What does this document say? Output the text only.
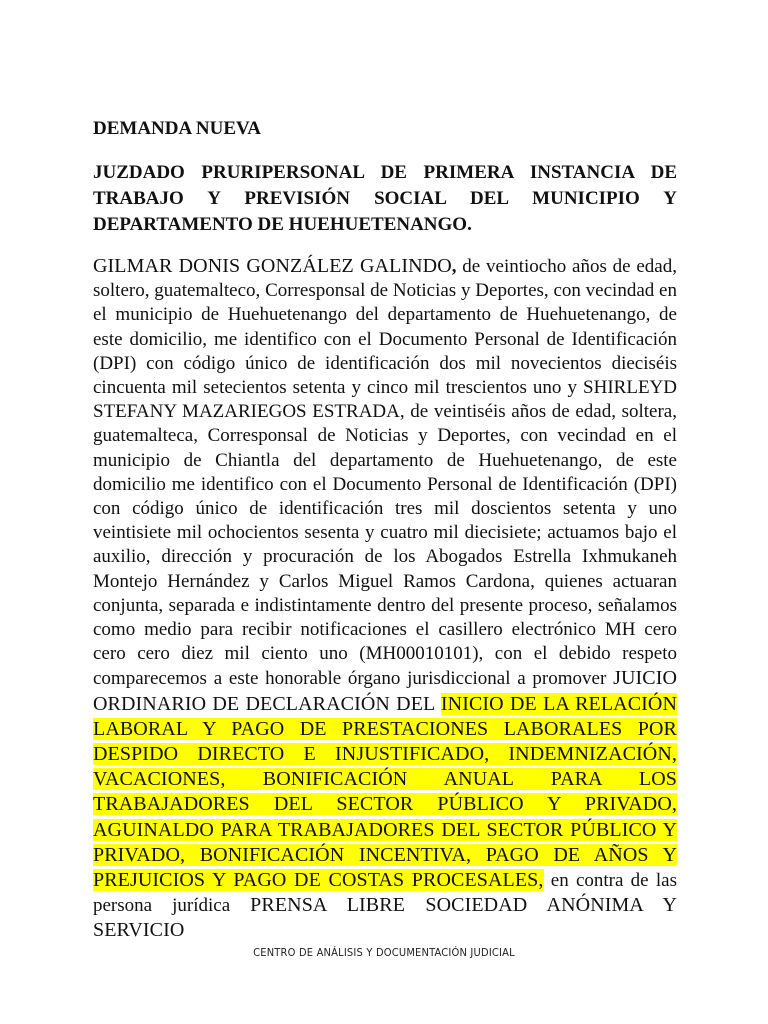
DEMANDA NUEVA

JUZDADO PRURIPERSONAL DE PRIMERA INSTANCIA DE TRABAJO Y PREVISIÓN SOCIAL DEL MUNICIPIO Y DEPARTAMENTO DE HUEHUETENANGO.

GILMAR DONIS GONZÁLEZ GALINDO, de veintiocho años de edad, soltero, guatemalteco, Corresponsal de Noticias y Deportes, con vecindad en el municipio de Huehuetenango del departamento de Huehuetenango, de este domicilio, me identifico con el Documento Personal de Identificación (DPI) con código único de identificación dos mil novecientos dieciséis cincuenta mil setecientos setenta y cinco mil trescientos uno y SHIRLEYD STEFANY MAZARIEGOS ESTRADA, de veintiséis años de edad, soltera, guatemalteca, Corresponsal de Noticias y Deportes, con vecindad en el municipio de Chiantla del departamento de Huehuetenango, de este domicilio me identifico con el Documento Personal de Identificación (DPI) con código único de identificación tres mil doscientos setenta y uno veintisiete mil ochocientos sesenta y cuatro mil diecisiete; actuamos bajo el auxilio, dirección y procuración de los Abogados Estrella Ixhmukaneh Montejo Hernández y Carlos Miguel Ramos Cardona, quienes actuaran conjunta, separada e indistintamente dentro del presente proceso, señalamos como medio para recibir notificaciones el casillero electrónico MH cero cero cero diez mil ciento uno (MH00010101), con el debido respeto comparecemos a este honorable órgano jurisdiccional a promover JUICIO ORDINARIO DE DECLARACIÓN DEL INICIO DE LA RELACIÓN LABORAL Y PAGO DE PRESTACIONES LABORALES POR DESPIDO DIRECTO E INJUSTIFICADO, INDEMNIZACIÓN, VACACIONES, BONIFICACIÓN ANUAL PARA LOS TRABAJADORES DEL SECTOR PÚBLICO Y PRIVADO, AGUINALDO PARA TRABAJADORES DEL SECTOR PÚBLICO Y PRIVADO, BONIFICACIÓN INCENTIVA, PAGO DE AÑOS Y PREJUICIOS Y PAGO DE COSTAS PROCESALES, en contra de las persona jurídica PRENSA LIBRE SOCIEDAD ANÓNIMA Y SERVICIO

CENTRO DE ANÁLISIS Y DOCUMENTACIÓN JUDICIAL
